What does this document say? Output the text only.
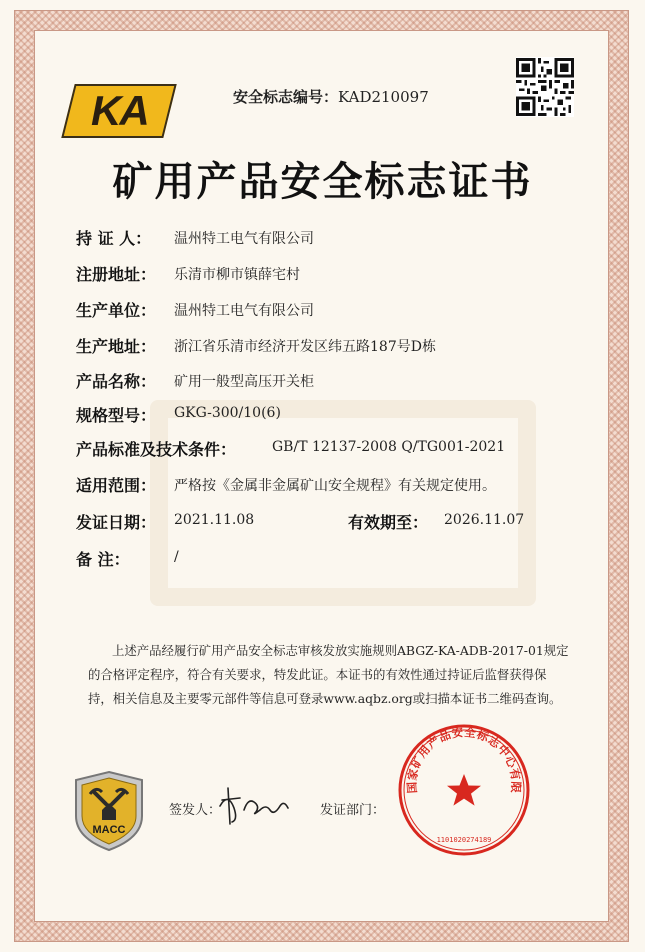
KA	安全标志编号：KAD210097
矿用产品安全标志证书
持 证 人： 温州特工电气有限公司
注册地址： 乐清市柳市镇薛宅村
生产单位： 温州特工电气有限公司
生产地址： 浙江省乐清市经济开发区纬五路187号D栋
产品名称： 矿用一般型高压开关柜
规格型号： GKG-300/10(6)
产品标准及技术条件：	GB/T 12137-2008 Q/TG001-2021
适用范围： 严格按《金属非金属矿山安全规程》有关规定使用。
发证日期： 2021.11.08	有效期至： 2026.11.07
备 注：	/
上述产品经履行矿用产品安全标志审核发放实施规则ABGZ-KA-ADB-2017-01规定
的合格评定程序，符合有关要求，特发此证。本证书的有效性通过持证后监督获得保
持，相关信息及主要零元部件等信息可登录www.aqbz.org或扫描本证书二维码查询。
MACC
签发人：	发证部门：
国家矿用产品安全标志中心有限
1101020274189
